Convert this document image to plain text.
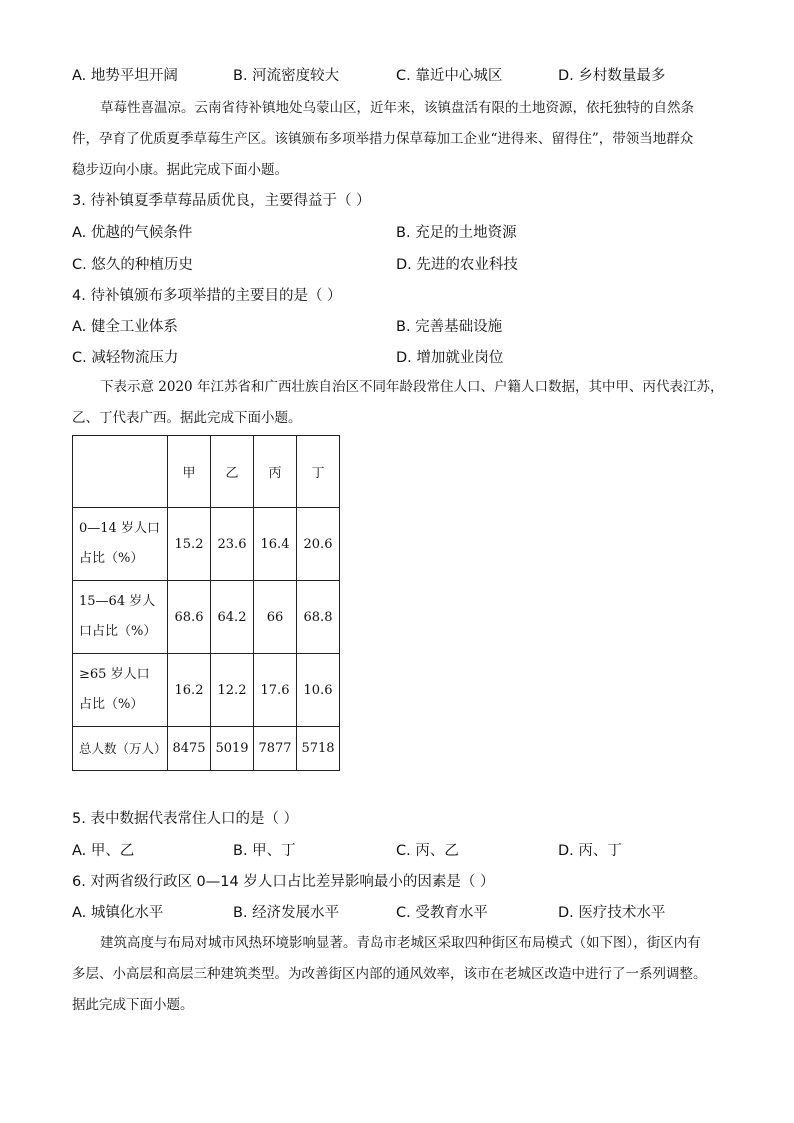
A. 地势平坦开阔	B. 河流密度较大	C. 靠近中心城区	D. 乡村数量最多
草莓性喜温凉。云南省待补镇地处乌蒙山区，近年来，该镇盘活有限的土地资源，依托独特的自然条
件，孕育了优质夏季草莓生产区。该镇颁布多项举措力保草莓加工企业“进得来、留得住”，带领当地群众
稳步迈向小康。据此完成下面小题。
3. 待补镇夏季草莓品质优良，主要得益于（ ）
A. 优越的气候条件	B. 充足的土地资源
C. 悠久的种植历史	D. 先进的农业科技
4. 待补镇颁布多项举措的主要目的是（ ）
A. 健全工业体系	B. 完善基础设施
C. 减轻物流压力	D. 增加就业岗位
下表示意 2020 年江苏省和广西壮族自治区不同年龄段常住人口、户籍人口数据，其中甲、丙代表江苏，
乙、丁代表广西。据此完成下面小题。
	甲	乙	丙	丁
0—14 岁人口
占比（%）	15.2	23.6	16.4	20.6
15—64 岁人
口占比（%）	68.6	64.2	66	68.8
≥65 岁人口
占比（%）	16.2	12.2	17.6	10.6
总人数（万人）	8475	5019	7877	5718
5. 表中数据代表常住人口的是（ ）
A. 甲、乙	B. 甲、丁	C. 丙、乙	D. 丙、丁
6. 对两省级行政区 0—14 岁人口占比差异影响最小的因素是（ ）
A. 城镇化水平	B. 经济发展水平	C. 受教育水平	D. 医疗技术水平
建筑高度与布局对城市风热环境影响显著。青岛市老城区采取四种街区布局模式（如下图），街区内有
多层、小高层和高层三种建筑类型。为改善街区内部的通风效率，该市在老城区改造中进行了一系列调整。
据此完成下面小题。
